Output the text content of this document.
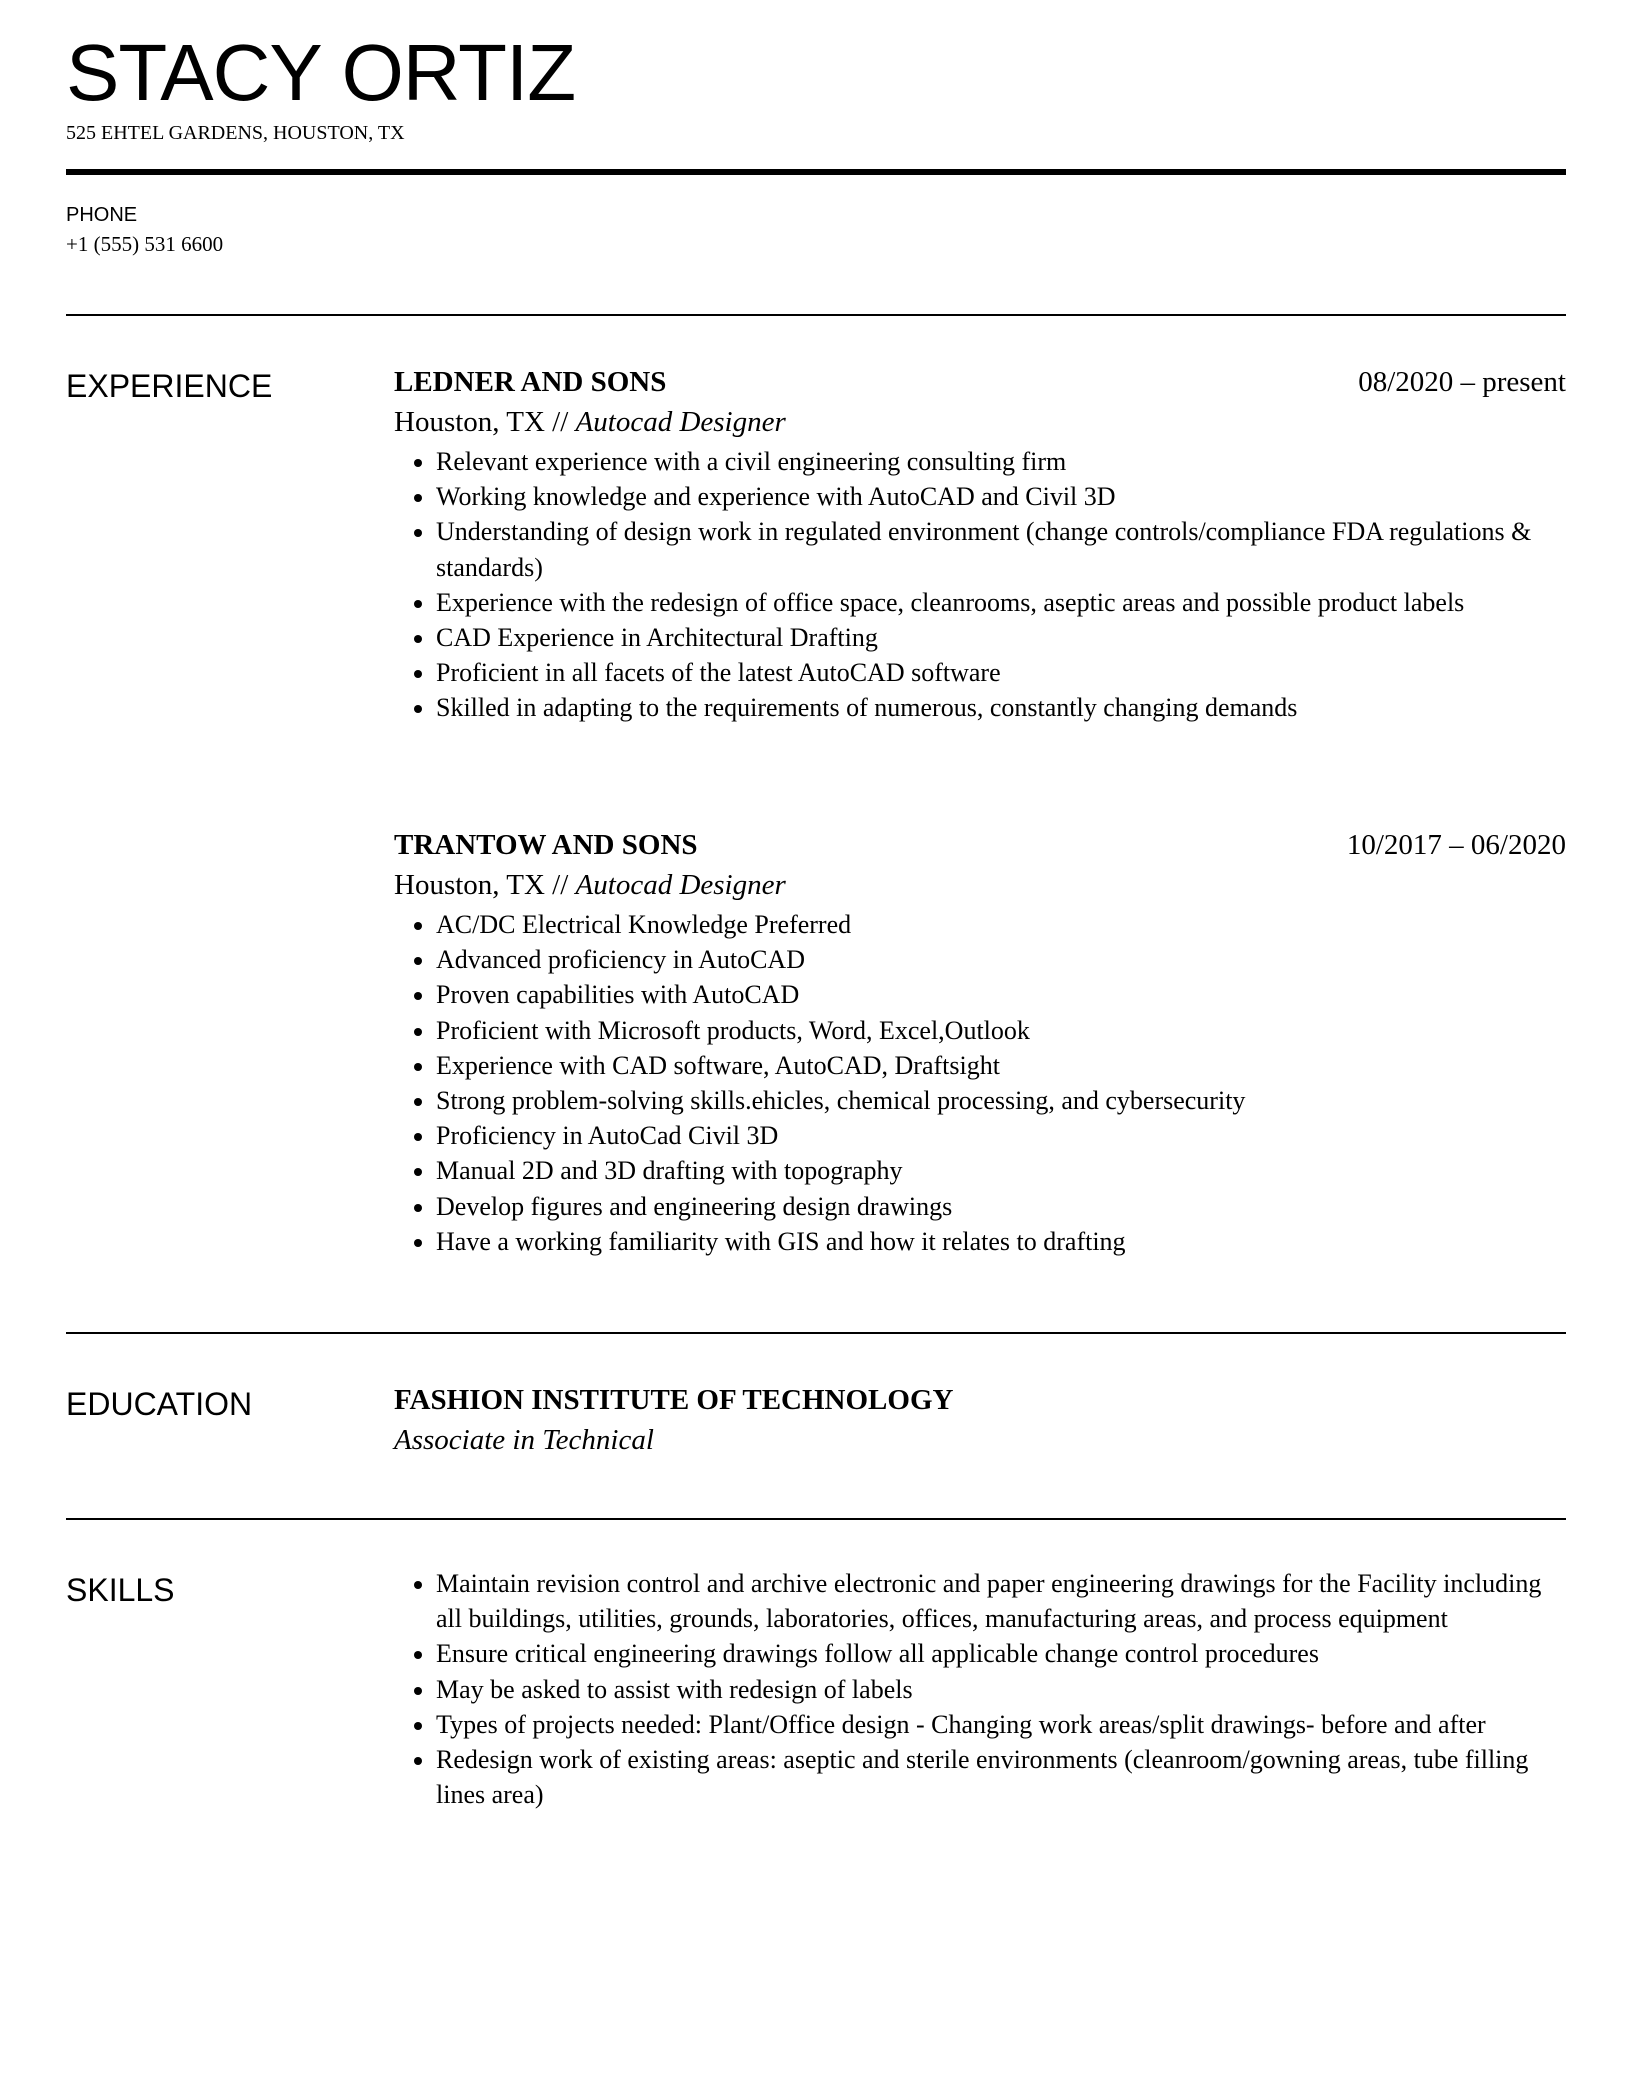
STACY ORTIZ
525 EHTEL GARDENS, HOUSTON, TX
PHONE
+1 (555) 531 6600
EXPERIENCE	LEDNER AND SONS	08/2020 – present
Houston, TX // Autocad Designer
• Relevant experience with a civil engineering consulting firm
• Working knowledge and experience with AutoCAD and Civil 3D
• Understanding of design work in regulated environment (change controls/compliance FDA regulations & standards)
• Experience with the redesign of office space, cleanrooms, aseptic areas and possible product labels
• CAD Experience in Architectural Drafting
• Proficient in all facets of the latest AutoCAD software
• Skilled in adapting to the requirements of numerous, constantly changing demands
TRANTOW AND SONS	10/2017 – 06/2020
Houston, TX // Autocad Designer
• AC/DC Electrical Knowledge Preferred
• Advanced proficiency in AutoCAD
• Proven capabilities with AutoCAD
• Proficient with Microsoft products, Word, Excel,Outlook
• Experience with CAD software, AutoCAD, Draftsight
• Strong problem-solving skills.ehicles, chemical processing, and cybersecurity
• Proficiency in AutoCad Civil 3D
• Manual 2D and 3D drafting with topography
• Develop figures and engineering design drawings
• Have a working familiarity with GIS and how it relates to drafting
EDUCATION	FASHION INSTITUTE OF TECHNOLOGY
Associate in Technical
SKILLS
•	Maintain revision control and archive electronic and paper engineering drawings for the Facility including all buildings, utilities, grounds, laboratories, offices, manufacturing areas, and process equipment
• Ensure critical engineering drawings follow all applicable change control procedures
• May be asked to assist with redesign of labels
• Types of projects needed: Plant/Office design - Changing work areas/split drawings- before and after
• Redesign work of existing areas: aseptic and sterile environments (cleanroom/gowning areas, tube filling lines area)
